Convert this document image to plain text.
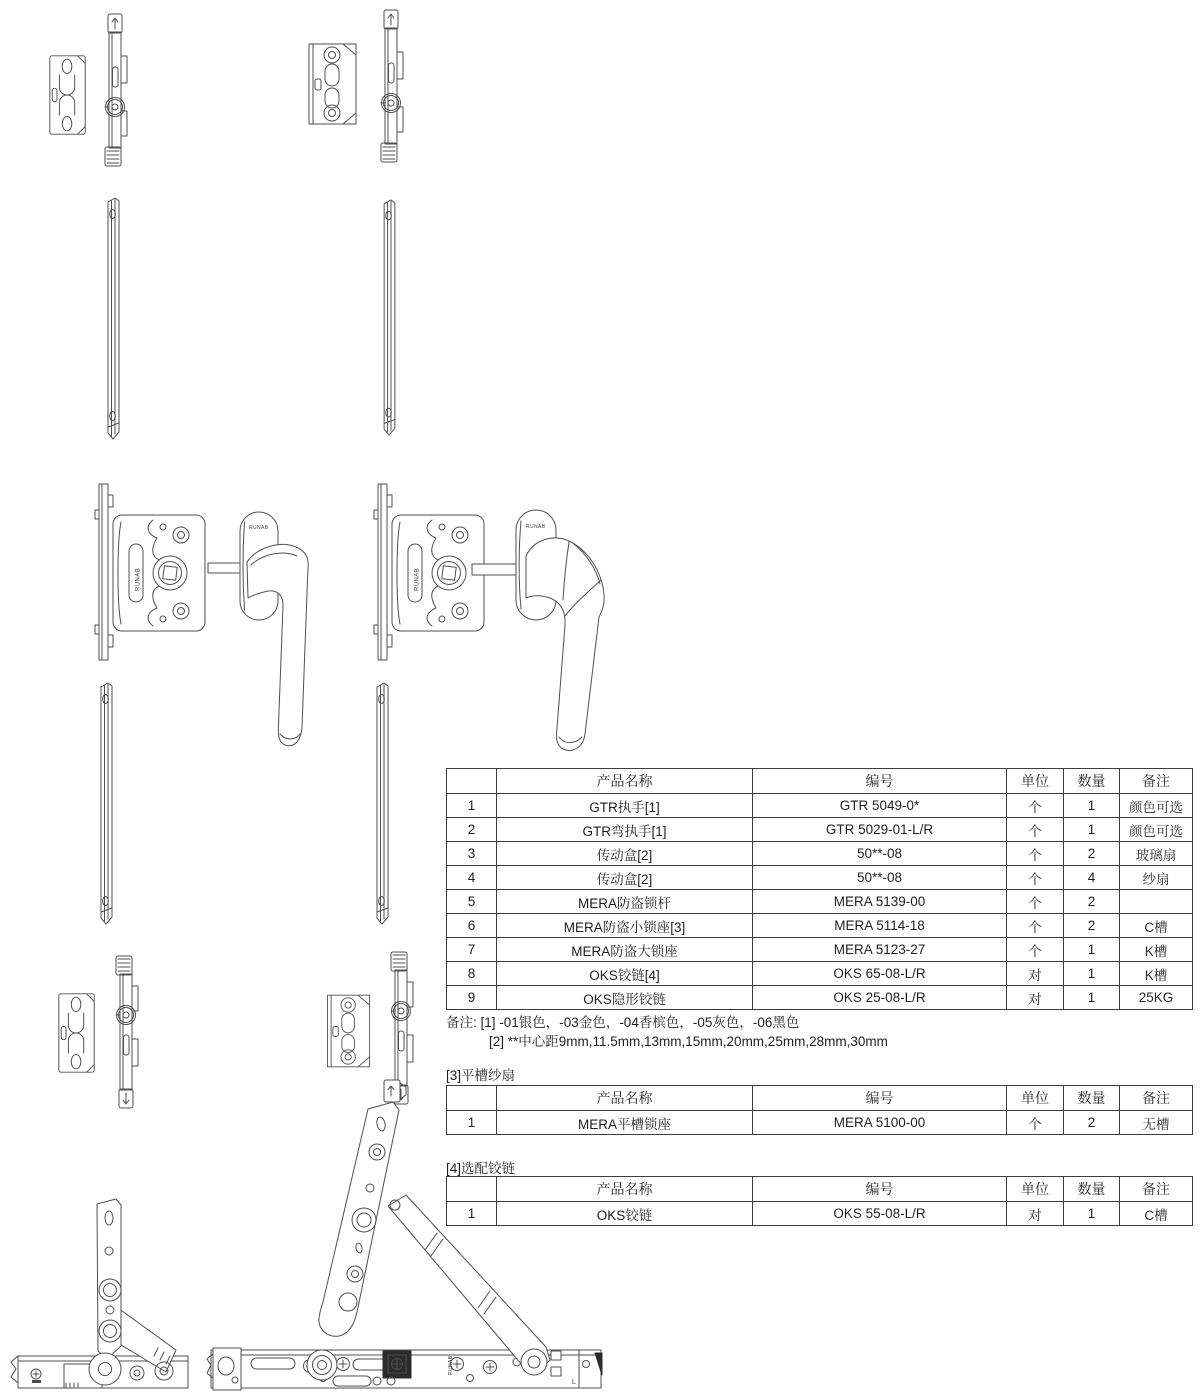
RUNAB	RUNAB
RUNAB
L
	产品名称	编号	单位	数量	备注
1	GTR执手[1]	GTR 5049-0*	个	1	颜色可选
2	GTR弯执手[1]	GTR 5029-01-L/R	个	1	颜色可选
3	传动盒[2]	50**-08	个	2	玻璃扇
4	传动盒[2]	50**-08	个	4	纱扇
5	MERA防盗锁杆	MERA 5139-00	个	2	
6	MERA防盗小锁座[3]	MERA 5114-18	个	2	C槽
7	MERA防盗大锁座	MERA 5123-27	个	1	K槽
8	OKS铰链[4]	OKS 65-08-L/R	对	1	K槽
9	OKS隐形铰链	OKS 25-08-L/R	对	1	25KG
备注: [1] -01银色，-03金色，-04香槟色，-05灰色，-06黑色
[2] **中心距9mm,11.5mm,13mm,15mm,20mm,25mm,28mm,30mm
[3]平槽纱扇
	产品名称	编号	单位	数量	备注
1	MERA平槽锁座	MERA 5100-00	个	2	无槽
[4]选配铰链
	产品名称	编号	单位	数量	备注
1	OKS铰链	OKS 55-08-L/R	对	1	C槽
